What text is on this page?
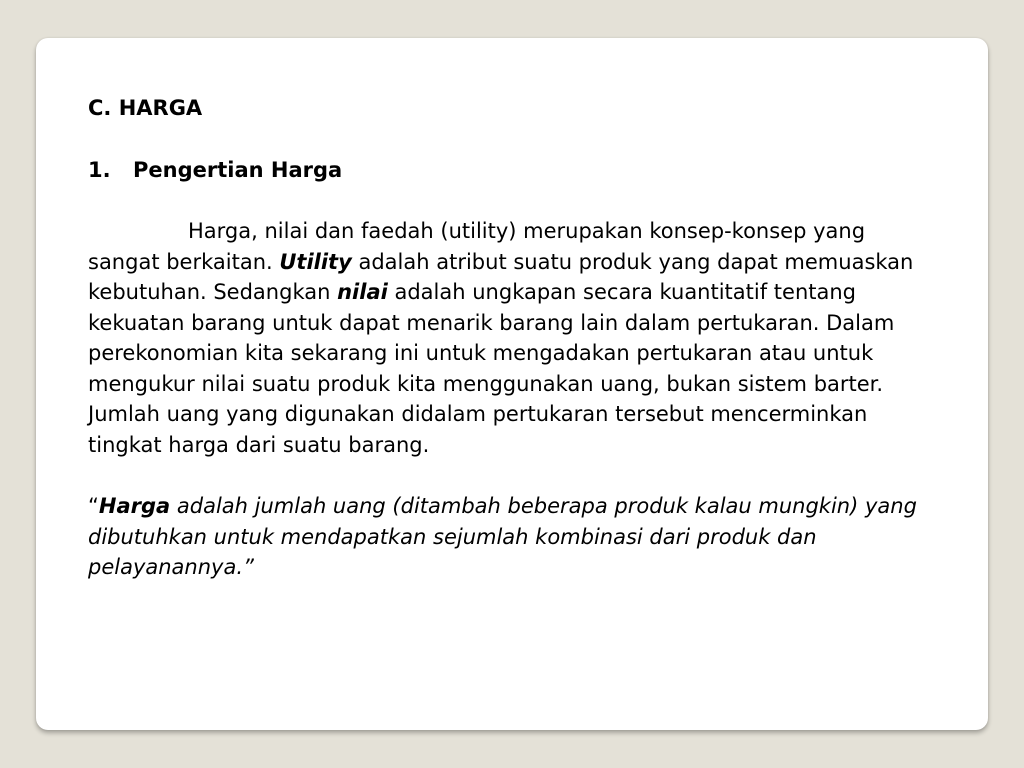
C. HARGA

1. Pengertian Harga

Harga, nilai dan faedah (utility) merupakan konsep-konsep yang sangat berkaitan. Utility adalah atribut suatu produk yang dapat memuaskan kebutuhan. Sedangkan nilai adalah ungkapan secara kuantitatif tentang kekuatan barang untuk dapat menarik barang lain dalam pertukaran. Dalam perekonomian kita sekarang ini untuk mengadakan pertukaran atau untuk mengukur nilai suatu produk kita menggunakan uang, bukan sistem barter. Jumlah uang yang digunakan didalam pertukaran tersebut mencerminkan tingkat harga dari suatu barang.

“Harga adalah jumlah uang (ditambah beberapa produk kalau mungkin) yang dibutuhkan untuk mendapatkan sejumlah kombinasi dari produk dan pelayanannya.”
